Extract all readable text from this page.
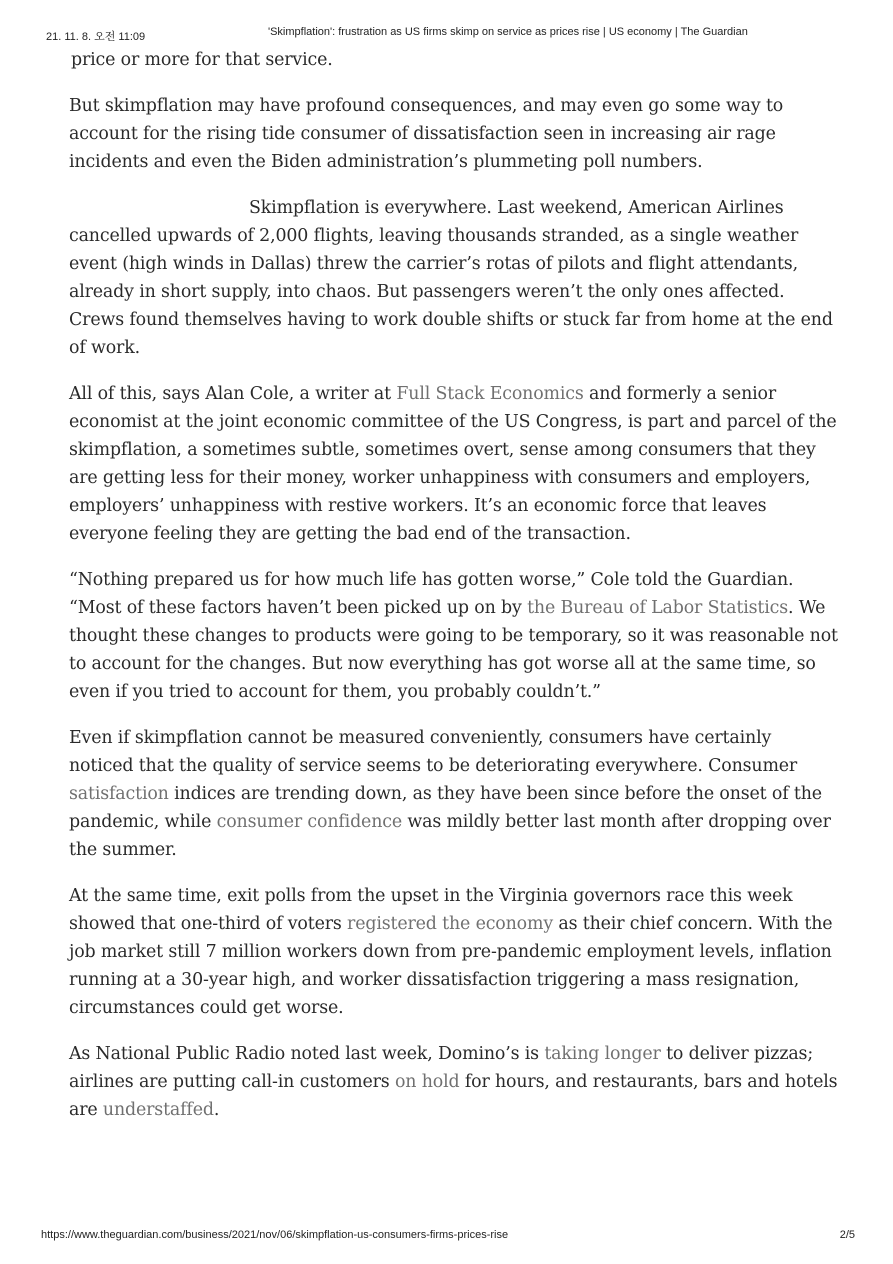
21. 11. 8. 오전 11:09	'Skimpflation': frustration as US firms skimp on service as prices rise | US economy | The Guardian

price or more for that service.

But skimpflation may have profound consequences, and may even go some way to account for the rising tide consumer of dissatisfaction seen in increasing air rage incidents and even the Biden administration’s plummeting poll numbers.

Skimpflation is everywhere. Last weekend, American Airlines cancelled upwards of 2,000 flights, leaving thousands stranded, as a single weather event (high winds in Dallas) threw the carrier’s rotas of pilots and flight attendants, already in short supply, into chaos. But passengers weren’t the only ones affected. Crews found themselves having to work double shifts or stuck far from home at the end of work.

All of this, says Alan Cole, a writer at Full Stack Economics and formerly a senior economist at the joint economic committee of the US Congress, is part and parcel of the skimpflation, a sometimes subtle, sometimes overt, sense among consumers that they are getting less for their money, worker unhappiness with consumers and employers, employers’ unhappiness with restive workers. It’s an economic force that leaves everyone feeling they are getting the bad end of the transaction.

“Nothing prepared us for how much life has gotten worse,” Cole told the Guardian. “Most of these factors haven’t been picked up on by the Bureau of Labor Statistics. We thought these changes to products were going to be temporary, so it was reasonable not to account for the changes. But now everything has got worse all at the same time, so even if you tried to account for them, you probably couldn’t.”

Even if skimpflation cannot be measured conveniently, consumers have certainly noticed that the quality of service seems to be deteriorating everywhere. Consumer satisfaction indices are trending down, as they have been since before the onset of the pandemic, while consumer confidence was mildly better last month after dropping over the summer.

At the same time, exit polls from the upset in the Virginia governors race this week showed that one-third of voters registered the economy as their chief concern. With the job market still 7 million workers down from pre-pandemic employment levels, inflation running at a 30-year high, and worker dissatisfaction triggering a mass resignation, circumstances could get worse.

As National Public Radio noted last week, Domino’s is taking longer to deliver pizzas; airlines are putting call-in customers on hold for hours, and restaurants, bars and hotels are understaffed.

https://www.theguardian.com/business/2021/nov/06/skimpflation-us-consumers-firms-prices-rise	2/5
